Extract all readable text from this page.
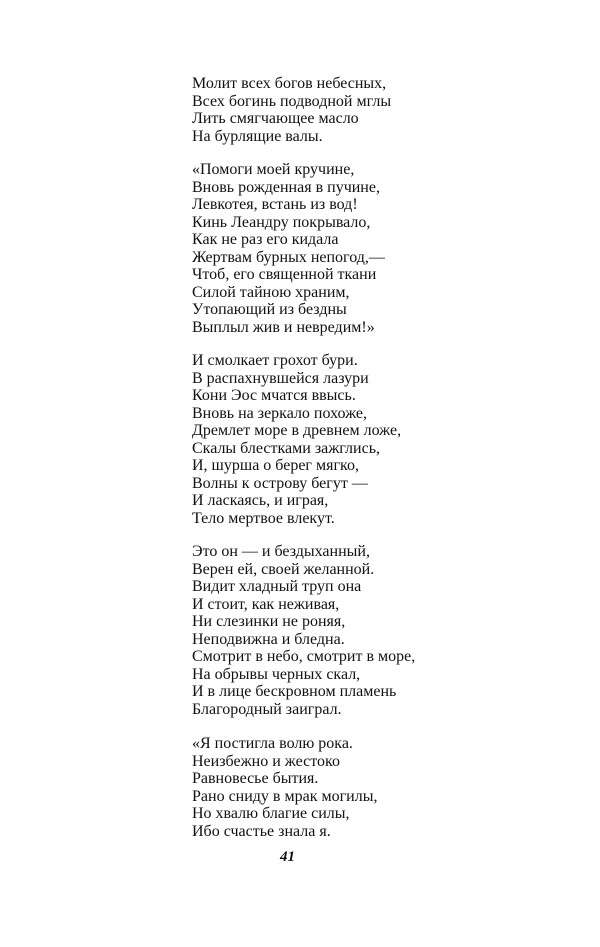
Молит всех богов небесных,
Всех богинь подводной мглы
Лить смягчающее масло
На бурлящие валы.
«Помоги моей кручине,
Вновь рожденная в пучине,
Левкотея, встань из вод!
Кинь Леандру покрывало,
Как не раз его кидала
Жертвам бурных непогод,—
Чтоб, его священной ткани
Силой тайною храним,
Утопающий из бездны
Выплыл жив и невредим!»
И смолкает грохот бури.
В распахнувшейся лазури
Кони Эос мчатся ввысь.
Вновь на зеркало похоже,
Дремлет море в древнем ложе,
Скалы блестками зажглись,
И, шурша о берег мягко,
Волны к острову бегут —
И ласкаясь, и играя,
Тело мертвое влекут.
Это он — и бездыханный,
Верен ей, своей желанной.
Видит хладный труп она
И стоит, как неживая,
Ни слезинки не роняя,
Неподвижна и бледна.
Смотрит в небо, смотрит в море,
На обрывы черных скал,
И в лице бескровном пламень
Благородный заиграл.
«Я постигла волю рока.
Неизбежно и жестоко
Равновесье бытия.
Рано сниду в мрак могилы,
Но хвалю благие силы,
Ибо счастье знала я.
41
